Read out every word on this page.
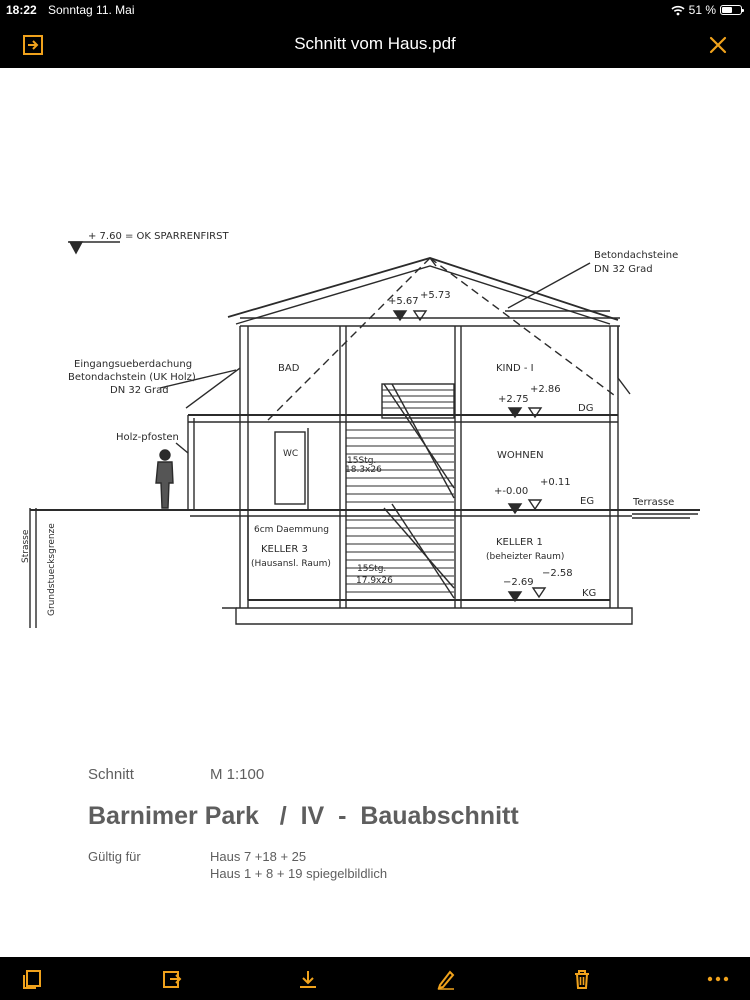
18:22 Sonntag 11. Mai	51 %
Schnitt vom Haus.pdf
+ 7.60 = OK SPARRENFIRST
Betondachsteine
DN 32 Grad
Eingangsueberdachung
Betondachstein (UK Holz)
DN 32 Grad
Holz-pfosten
Terrasse
Strasse Grundstuecksgrenze
BAD	KIND - I
WC	WOHNEN
6cm Daemmung
KELLER 3
(Hausansl. Raum)
KELLER 1
(beheizter Raum)
15Stg.
18.3x26
15Stg.
17.9x26
+5.67
+5.73
+2.75
+2.86
DG
+-0.00
+0.11
EG
−2.69
−2.58
KG
Schnitt	M 1:100
Barnimer Park   /  IV  -  Bauabschnitt
Gültig für	Haus 7 +18 + 25
Haus 1 + 8 + 19 spiegelbildlich
